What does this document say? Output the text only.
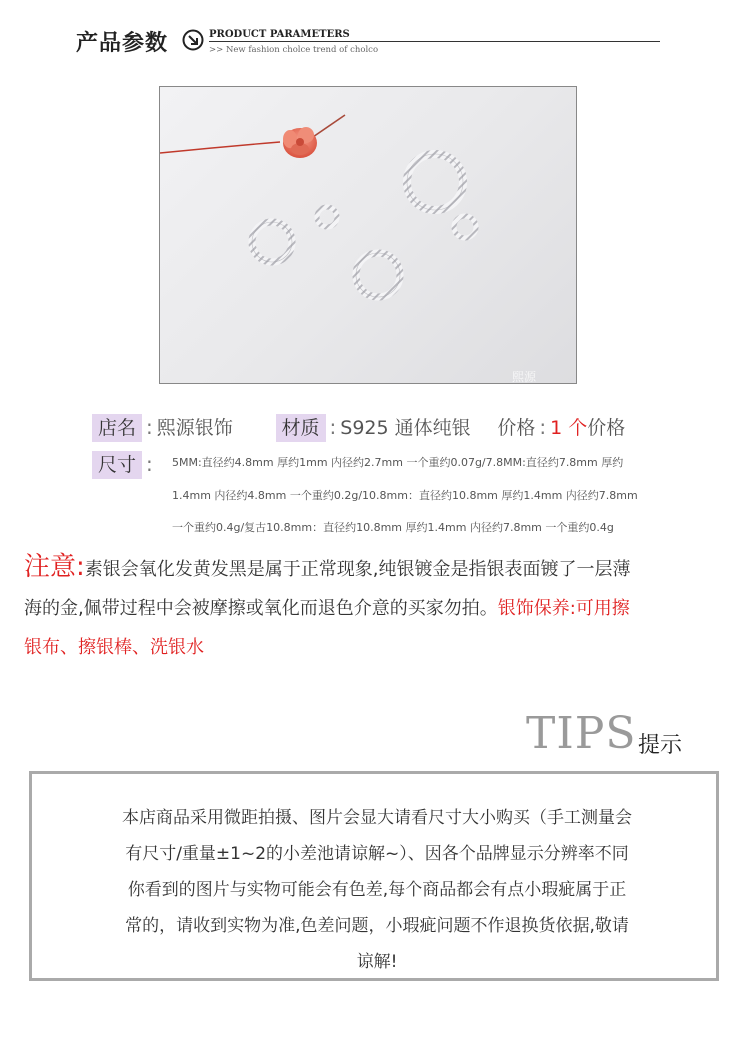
产品参数	PRODUCT PARAMETERS
>> New fashion cholce trend of cholco
熙源
店名 : 熙源银饰	材质 : S925 通体纯银 价格 : 1 个价格
尺寸 :	5MM:直径约4.8mm 厚约1mm 内径约2.7mm 一个重约0.07g/7.8MM:直径约7.8mm 厚约
1.4mm 内径约4.8mm 一个重约0.2g/10.8mm：直径约10.8mm 厚约1.4mm 内径约7.8mm
一个重约0.4g/复古10.8mm：直径约10.8mm 厚约1.4mm 内径约7.8mm 一个重约0.4g
注意:素银会氧化发黄发黑是属于正常现象,纯银镀金是指银表面镀了一层薄
海的金,佩带过程中会被摩擦或氧化而退色介意的买家勿拍。银饰保养:可用擦
银布、擦银棒、洗银水
TIPS 提示
本店商品采用微距拍摄、图片会显大请看尺寸大小购买（手工测量会
有尺寸/重量±1~2的小差池请谅解~）、因各个品牌显示分辨率不同
你看到的图片与实物可能会有色差,每个商品都会有点小瑕疵属于正
常的，请收到实物为准,色差问题，小瑕疵问题不作退换货依据,敬请
谅解!
